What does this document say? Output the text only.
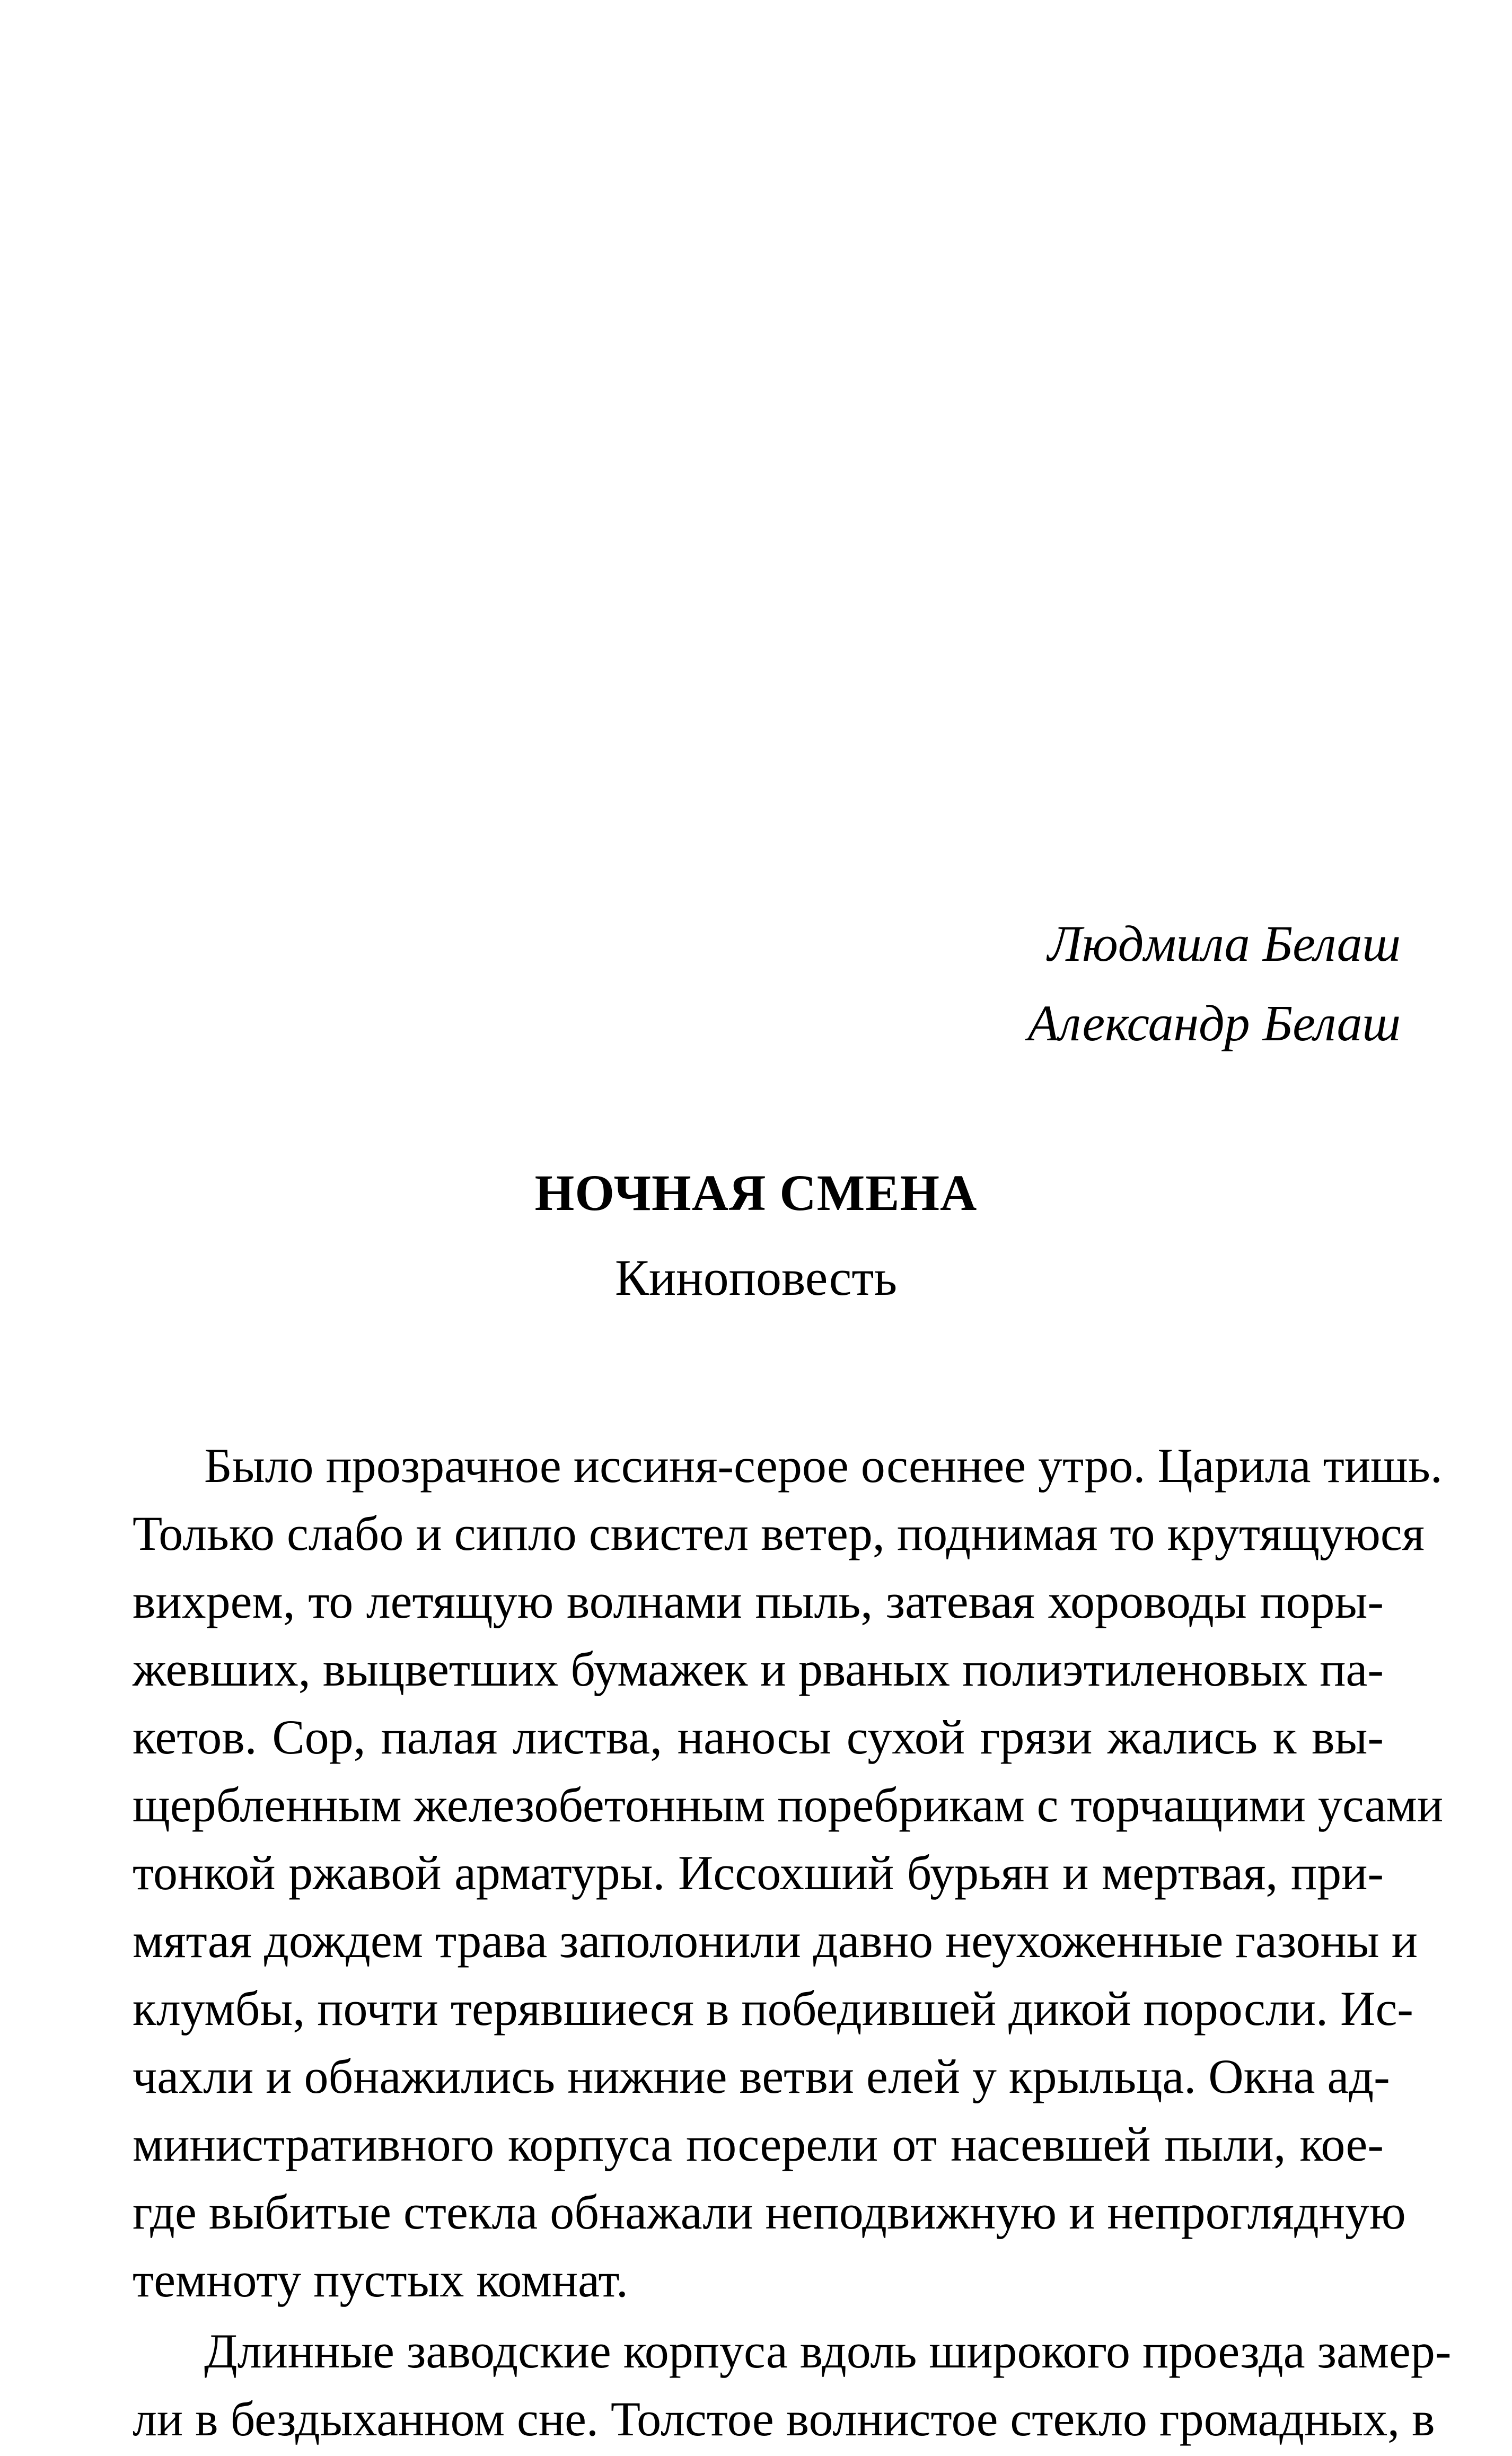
Людмила Белаш
Александр Белаш
НОЧНАЯ СМЕНА
Киноповесть
Было прозрачное иссиня-серое осеннее утро. Царила тишь.
Только слабо и сипло свистел ветер, поднимая то крутящуюся
вихрем, то летящую волнами пыль, затевая хороводы поры-
жевших, выцветших бумажек и рваных полиэтиленовых па-
кетов. Сор, палая листва, наносы сухой грязи жались к вы-
щербленным железобетонным поребрикам с торчащими усами
тонкой ржавой арматуры. Иссохший бурьян и мертвая, при-
мятая дождем трава заполонили давно неухоженные газоны и
клумбы, почти терявшиеся в победившей дикой поросли. Ис-
чахли и обнажились нижние ветви елей у крыльца. Окна ад-
министративного корпуса посерели от насевшей пыли, кое-
где выбитые стекла обнажали неподвижную и непроглядную
темноту пустых комнат.
Длинные заводские корпуса вдоль широкого проезда замер-
ли в бездыханном сне. Толстое волнистое стекло громадных, в
